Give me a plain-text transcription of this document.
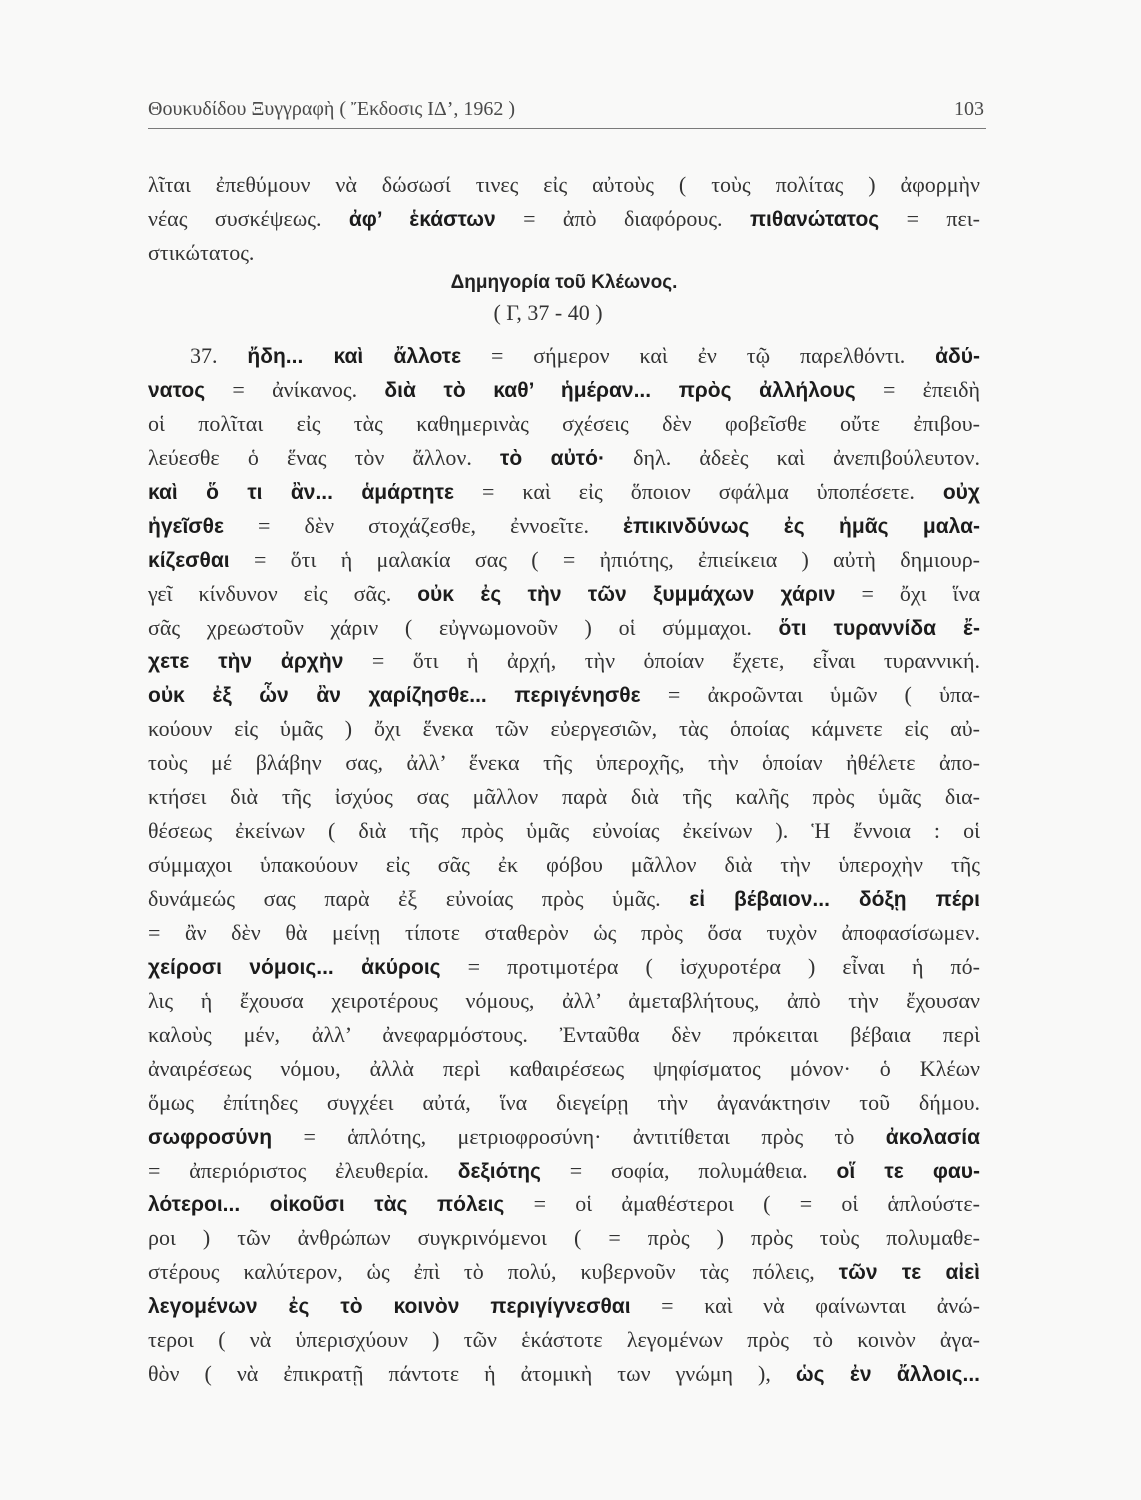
Θουκυδίδου Ξυγγραφὴ ( Ἔκδοσις ΙΔ’, 1962 )	103
λῖται ἐπεθύμουν νὰ δώσωσί τινες εἰς αὐτοὺς ( τοὺς πολίτας ) ἀφορμὴν
νέας συσκέψεως. ἀφ’ ἑκάστων = ἀπὸ διαφόρους. πιθανώτατος = πει-
στικώτατος.
Δημηγορία τοῦ Κλέωνος.
( Γ, 37 - 40 )
37. ἤδη... καὶ ἄλλοτε = σήμερον καὶ ἐν τῷ παρελθόντι. ἀδύ-
νατος = ἀνίκανος. διὰ τὸ καθ’ ἡμέραν... πρὸς ἀλλήλους = ἐπειδὴ
οἱ πολῖται εἰς τὰς καθημερινὰς σχέσεις δὲν φοβεῖσθε οὔτε ἐπιβου-
λεύεσθε ὁ ἕνας τὸν ἄλλον. τὸ αὐτό· δηλ. ἀδεὲς καὶ ἀνεπιβούλευτον.
καὶ ὅ τι ἂν... ἁμάρτητε = καὶ εἰς ὅποιον σφάλμα ὑποπέσετε. οὐχ
ἡγεῖσθε = δὲν στοχάζεσθε, ἐννοεῖτε. ἐπικινδύνως ἐς ἡμᾶς μαλα-
κίζεσθαι = ὅτι ἡ μαλακία σας ( = ἠπιότης, ἐπιείκεια ) αὐτὴ δημιουρ-
γεῖ κίνδυνον εἰς σᾶς. οὐκ ἐς τὴν τῶν ξυμμάχων χάριν = ὄχι ἵνα
σᾶς χρεωστοῦν χάριν ( εὐγνωμονοῦν ) οἱ σύμμαχοι. ὅτι τυραννίδα ἔ-
χετε τὴν ἀρχὴν = ὅτι ἡ ἀρχή, τὴν ὁποίαν ἔχετε, εἶναι τυραννική.
οὐκ ἐξ ὧν ἂν χαρίζησθε... περιγένησθε = ἀκροῶνται ὑμῶν ( ὑπα-
κούουν εἰς ὑμᾶς ) ὄχι ἕνεκα τῶν εὐεργεσιῶν, τὰς ὁποίας κάμνετε εἰς αὐ-
τοὺς μέ βλάβην σας, ἀλλ’ ἕνεκα τῆς ὑπεροχῆς, τὴν ὁποίαν ἠθέλετε ἀπο-
κτήσει διὰ τῆς ἰσχύος σας μᾶλλον παρὰ διὰ τῆς καλῆς πρὸς ὑμᾶς δια-
θέσεως ἐκείνων ( διὰ τῆς πρὸς ὑμᾶς εὐνοίας ἐκείνων ). Ἡ ἔννοια : οἱ
σύμμαχοι ὑπακούουν εἰς σᾶς ἐκ φόβου μᾶλλον διὰ τὴν ὑπεροχὴν τῆς
δυνάμεώς σας παρὰ ἐξ εὐνοίας πρὸς ὑμᾶς. εἰ βέβαιον... δόξῃ πέρι
= ἂν δὲν θὰ μείνῃ τίποτε σταθερὸν ὡς πρὸς ὅσα τυχὸν ἀποφασίσωμεν.
χείροσι νόμοις... ἀκύροις = προτιμοτέρα ( ἰσχυροτέρα ) εἶναι ἡ πό-
λις ἡ ἔχουσα χειροτέρους νόμους, ἀλλ’ ἀμεταβλήτους, ἀπὸ τὴν ἔχουσαν
καλοὺς μέν, ἀλλ’ ἀνεφαρμόστους. Ἐνταῦθα δὲν πρόκειται βέβαια περὶ
ἀναιρέσεως νόμου, ἀλλὰ περὶ καθαιρέσεως ψηφίσματος μόνον· ὁ Κλέων
ὅμως ἐπίτηδες συγχέει αὐτά, ἵνα διεγείρῃ τὴν ἀγανάκτησιν τοῦ δήμου.
σωφροσύνη = ἁπλότης, μετριοφροσύνη· ἀντιτίθεται πρὸς τὸ ἀκολασία
= ἀπεριόριστος ἐλευθερία. δεξιότης = σοφία, πολυμάθεια. οἵ τε φαυ-
λότεροι... οἰκοῦσι τὰς πόλεις = οἱ ἀμαθέστεροι ( = οἱ ἁπλούστε-
ροι ) τῶν ἀνθρώπων συγκρινόμενοι ( = πρὸς ) πρὸς τοὺς πολυμαθε-
στέρους καλύτερον, ὡς ἐπὶ τὸ πολύ, κυβερνοῦν τὰς πόλεις, τῶν τε αἰεὶ
λεγομένων ἐς τὸ κοινὸν περιγίγνεσθαι = καὶ νὰ φαίνωνται ἀνώ-
τεροι ( νὰ ὑπερισχύουν ) τῶν ἑκάστοτε λεγομένων πρὸς τὸ κοινὸν ἀγα-
θὸν ( νὰ ἐπικρατῇ πάντοτε ἡ ἀτομικὴ των γνώμη ), ὡς ἐν ἄλλοις...
